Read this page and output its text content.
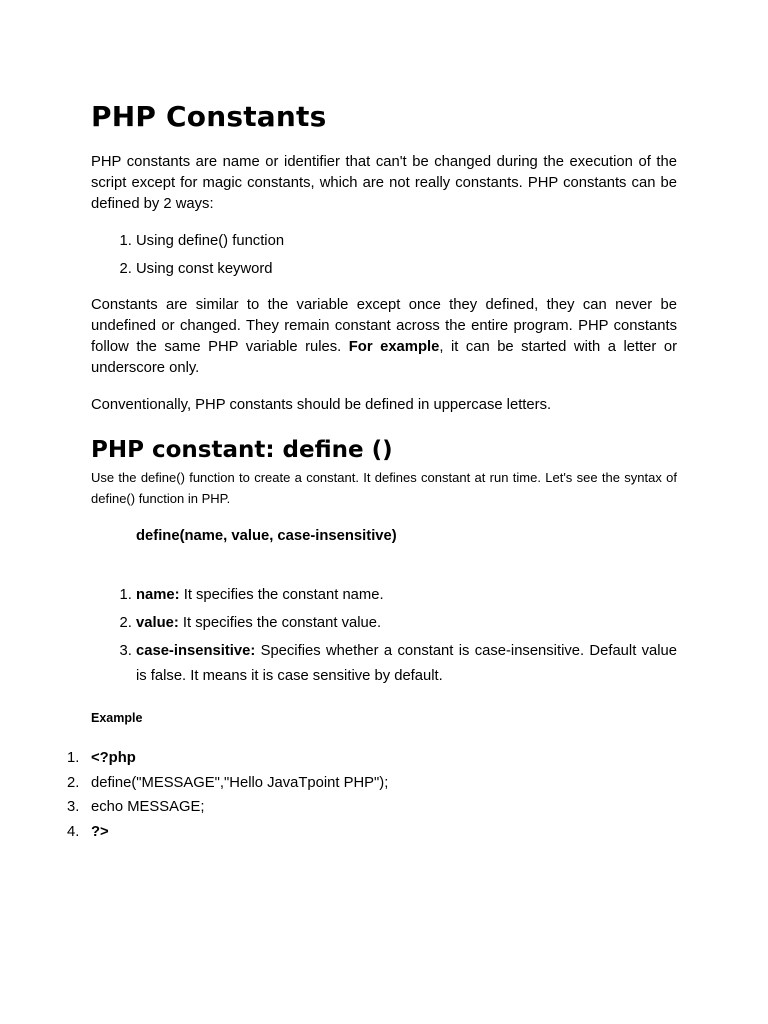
PHP Constants

PHP constants are name or identifier that can't be changed during the execution of the script except for magic constants, which are not really constants. PHP constants can be defined by 2 ways:

1. Using define() function
2. Using const keyword

Constants are similar to the variable except once they defined, they can never be undefined or changed. They remain constant across the entire program. PHP constants follow the same PHP variable rules. For example, it can be started with a letter or underscore only.

Conventionally, PHP constants should be defined in uppercase letters.

PHP constant: define ()

Use the define() function to create a constant. It defines constant at run time. Let's see the syntax of define() function in PHP.

define(name, value, case-insensitive)
1. name: It specifies the constant name.
2. value: It specifies the constant value.
3. case-insensitive: Specifies whether a constant is case-insensitive. Default value is false. It means it is case sensitive by default.
Example
1. <?php
2. define("MESSAGE","Hello JavaTpoint PHP");
3. echo MESSAGE;
4. ?>
